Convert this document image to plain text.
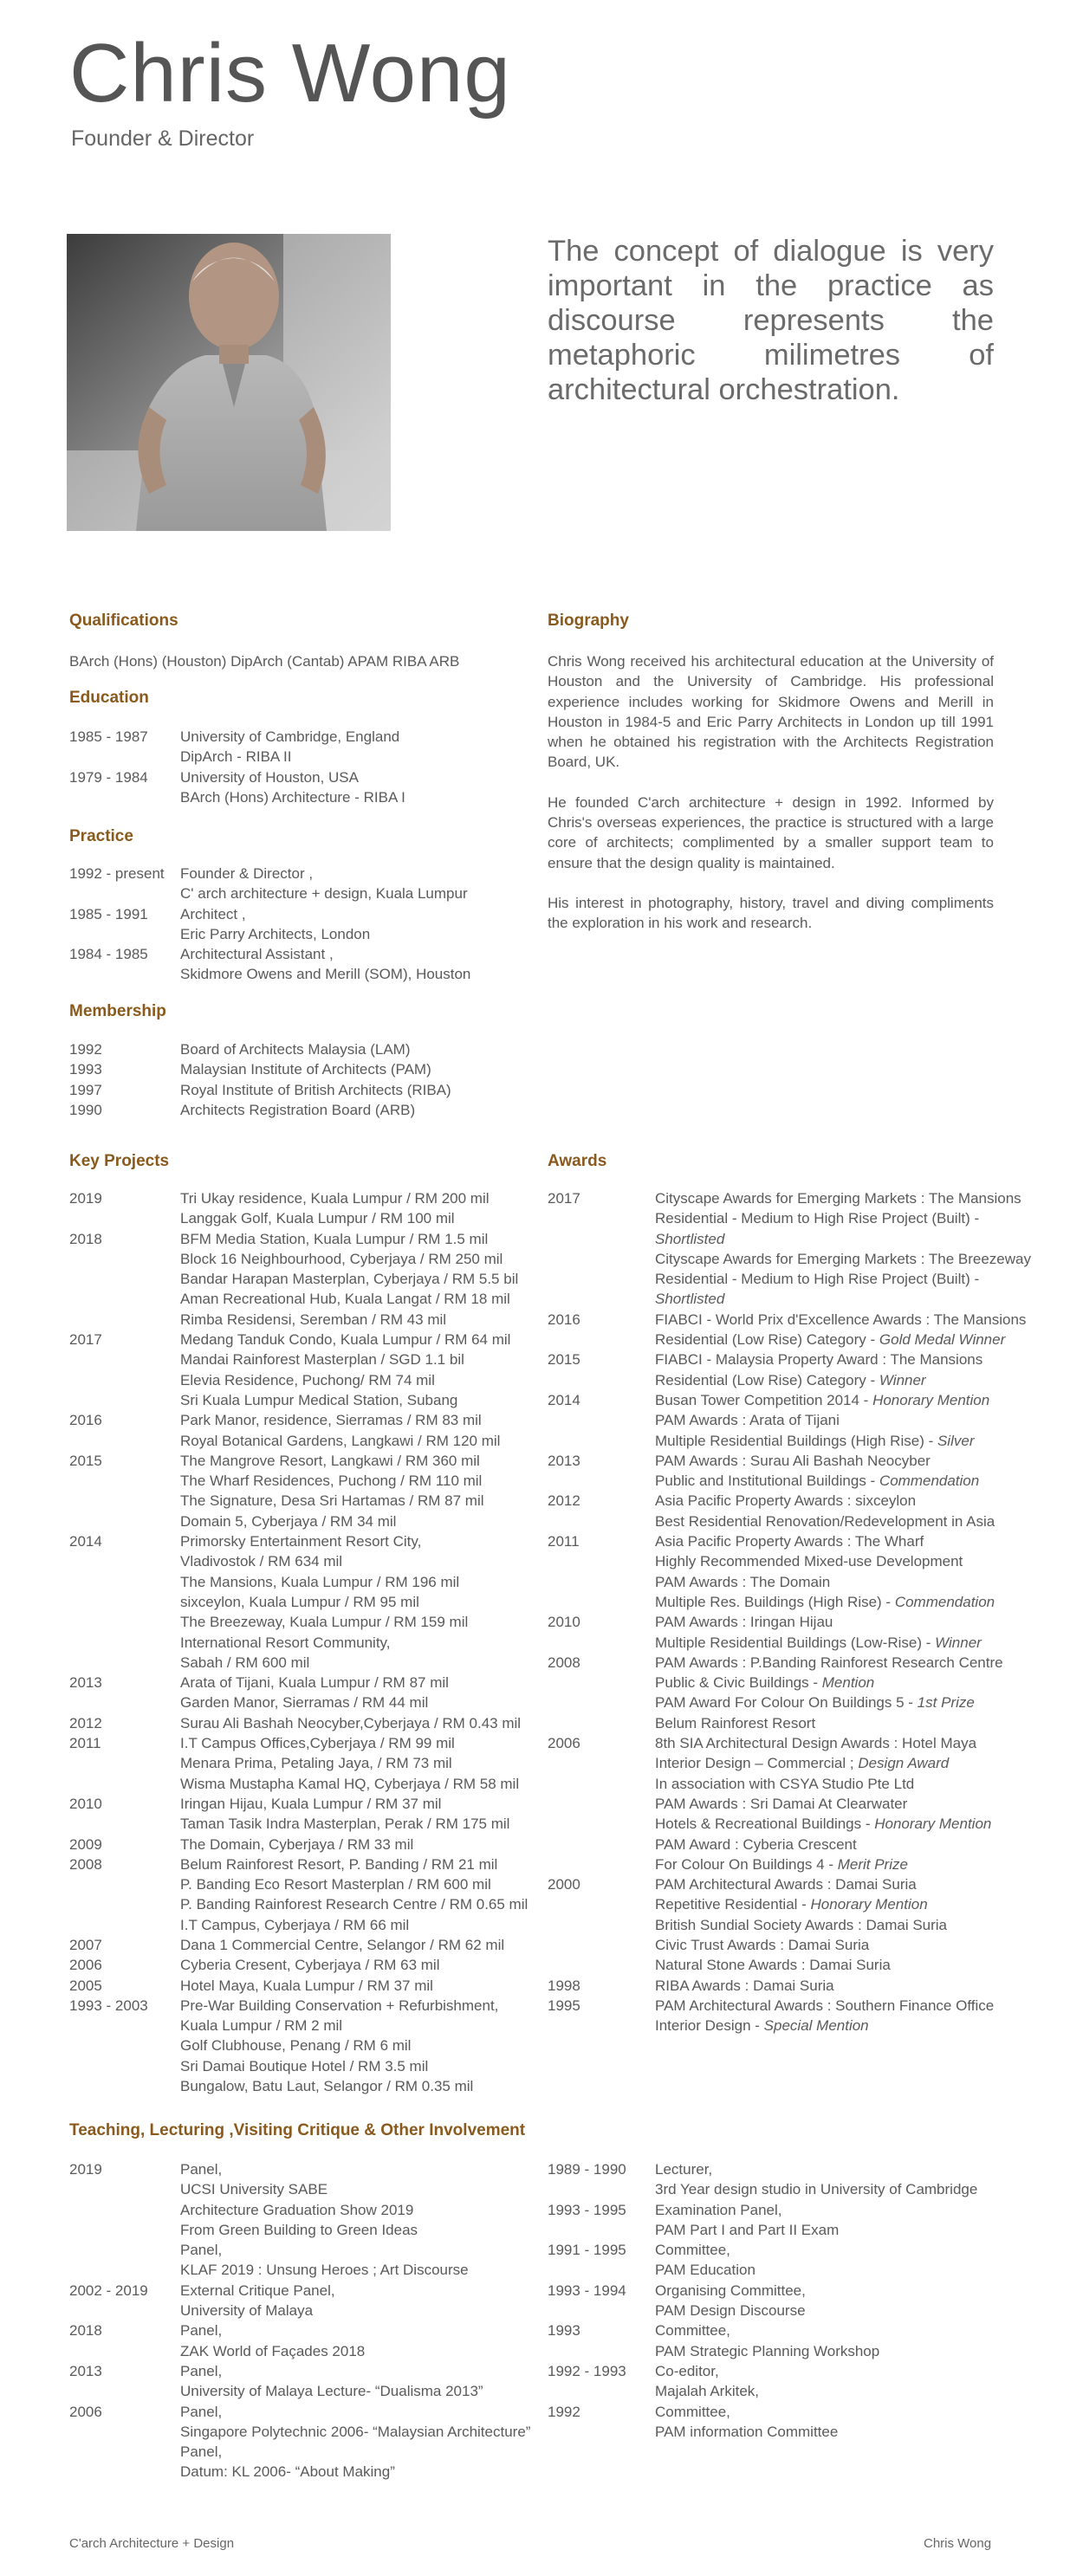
Chris Wong
Founder & Director
The concept of dialogue is very important in the practice as discourse represents the metaphoric milimetres of architectural orchestration.
Qualifications
BArch (Hons) (Houston) DipArch (Cantab) APAM RIBA ARB
Education
1985 - 1987	University of Cambridge, England
DipArch - RIBA II
1979 - 1984	University of Houston, USA
BArch (Hons) Architecture - RIBA I
Practice
1992 - present	Founder & Director ,
C' arch architecture + design, Kuala Lumpur
1985 - 1991	Architect ,
Eric Parry Architects, London
1984 - 1985	Architectural Assistant ,
Skidmore Owens and Merill (SOM), Houston
Membership
1992	Board of Architects Malaysia (LAM)
1993	Malaysian Institute of Architects (PAM)
1997	Royal Institute of British Architects (RIBA)
1990	Architects Registration Board (ARB)
Biography

Chris Wong received his architectural education at the University of Houston and the University of Cambridge. His professional experience includes working for Skidmore Owens and Merill in Houston in 1984-5 and Eric Parry Architects in London up till 1991 when he obtained his registration with the Architects Registration Board, UK.

He founded C'arch architecture + design in 1992. Informed by Chris's overseas experiences, the practice is structured with a large core of architects; complimented by a smaller support team to ensure that the design quality is maintained.

His interest in photography, history, travel and diving compliments the exploration in his work and research.

Key Projects
2019	Tri Ukay residence, Kuala Lumpur / RM 200 mil
Langgak Golf, Kuala Lumpur / RM 100 mil
2018	BFM Media Station, Kuala Lumpur / RM 1.5 mil
Block 16 Neighbourhood, Cyberjaya / RM 250 mil
Bandar Harapan Masterplan, Cyberjaya / RM 5.5 bil
Aman Recreational Hub, Kuala Langat / RM 18 mil
Rimba Residensi, Seremban / RM 43 mil
2017	Medang Tanduk Condo, Kuala Lumpur / RM 64 mil
Mandai Rainforest Masterplan / SGD 1.1 bil
Elevia Residence, Puchong/ RM 74 mil
Sri Kuala Lumpur Medical Station, Subang
2016	Park Manor, residence, Sierramas / RM 83 mil
Royal Botanical Gardens, Langkawi / RM 120 mil
2015	The Mangrove Resort, Langkawi / RM 360 mil
The Wharf Residences, Puchong / RM 110 mil
The Signature, Desa Sri Hartamas / RM 87 mil
Domain 5, Cyberjaya / RM 34 mil
2014	Primorsky Entertainment Resort City,
Vladivostok / RM 634 mil
The Mansions, Kuala Lumpur / RM 196 mil
sixceylon, Kuala Lumpur / RM 95 mil
The Breezeway, Kuala Lumpur / RM 159 mil
International Resort Community,
Sabah / RM 600 mil
2013	Arata of Tijani, Kuala Lumpur / RM 87 mil
Garden Manor, Sierramas / RM 44 mil
2012	Surau Ali Bashah Neocyber,Cyberjaya / RM 0.43 mil
2011	I.T Campus Offices,Cyberjaya / RM 99 mil
Menara Prima, Petaling Jaya, / RM 73 mil
Wisma Mustapha Kamal HQ, Cyberjaya / RM 58 mil
2010	Iringan Hijau, Kuala Lumpur / RM 37 mil
Taman Tasik Indra Masterplan, Perak / RM 175 mil
2009	The Domain, Cyberjaya / RM 33 mil
2008	Belum Rainforest Resort, P. Banding / RM 21 mil
P. Banding Eco Resort Masterplan / RM 600 mil
P. Banding Rainforest Research Centre / RM 0.65 mil
I.T Campus, Cyberjaya / RM 66 mil
2007	Dana 1 Commercial Centre, Selangor / RM 62 mil
2006	Cyberia Cresent, Cyberjaya / RM 63 mil
2005	Hotel Maya, Kuala Lumpur / RM 37 mil
1993 - 2003	Pre-War Building Conservation + Refurbishment,
Kuala Lumpur / RM 2 mil
Golf Clubhouse, Penang / RM 6 mil
Sri Damai Boutique Hotel / RM 3.5 mil
Bungalow, Batu Laut, Selangor / RM 0.35 mil
Awards
2017	Cityscape Awards for Emerging Markets : The Mansions
Residential - Medium to High Rise Project (Built) -
Shortlisted
Cityscape Awards for Emerging Markets : The Breezeway
Residential - Medium to High Rise Project (Built) -
Shortlisted
2016	FIABCI - World Prix d'Excellence Awards : The Mansions
Residential (Low Rise) Category - Gold Medal Winner
2015	FIABCI - Malaysia Property Award : The Mansions
Residential (Low Rise) Category - Winner
2014	Busan Tower Competition 2014 - Honorary Mention
PAM Awards : Arata of Tijani
Multiple Residential Buildings (High Rise) - Silver
2013	PAM Awards : Surau Ali Bashah Neocyber
Public and Institutional Buildings - Commendation
2012	Asia Pacific Property Awards : sixceylon
Best Residential Renovation/Redevelopment in Asia
2011	Asia Pacific Property Awards : The Wharf
Highly Recommended Mixed-use Development
PAM Awards : The Domain
Multiple Res. Buildings (High Rise) - Commendation
2010	PAM Awards : Iringan Hijau
Multiple Residential Buildings (Low-Rise) - Winner
2008	PAM Awards : P.Banding Rainforest Research Centre
Public & Civic Buildings - Mention
PAM Award For Colour On Buildings 5 - 1st Prize
Belum Rainforest Resort
2006	8th SIA Architectural Design Awards : Hotel Maya
Interior Design – Commercial ; Design Award
In association with CSYA Studio Pte Ltd
PAM Awards : Sri Damai At Clearwater
Hotels & Recreational Buildings - Honorary Mention
PAM Award : Cyberia Crescent
For Colour On Buildings 4 - Merit Prize
2000	PAM Architectural Awards : Damai Suria
Repetitive Residential - Honorary Mention
British Sundial Society Awards : Damai Suria
Civic Trust Awards : Damai Suria
Natural Stone Awards : Damai Suria
1998	RIBA Awards : Damai Suria
1995	PAM Architectural Awards : Southern Finance Office
Interior Design - Special Mention
Teaching, Lecturing ,Visiting Critique & Other Involvement
2019	Panel,
UCSI University SABE
Architecture Graduation Show 2019
From Green Building to Green Ideas
Panel,
KLAF 2019 : Unsung Heroes ; Art Discourse
2002 - 2019	External Critique Panel,
University of Malaya
2018	Panel,
ZAK World of Façades 2018
2013	Panel,
University of Malaya Lecture- “Dualisma 2013”
2006	Panel,
Singapore Polytechnic 2006- “Malaysian Architecture”
Panel,
Datum: KL 2006- “About Making”
1989 - 1990	Lecturer,
3rd Year design studio in University of Cambridge
1993 - 1995	Examination Panel,
PAM Part I and Part II Exam
1991 - 1995	Committee,
PAM Education
1993 - 1994	Organising Committee,
PAM Design Discourse
1993	Committee,
PAM Strategic Planning Workshop
1992 - 1993	Co-editor,
Majalah Arkitek,
1992	Committee,
PAM information Committee
C'arch Architecture + Design	Chris Wong
